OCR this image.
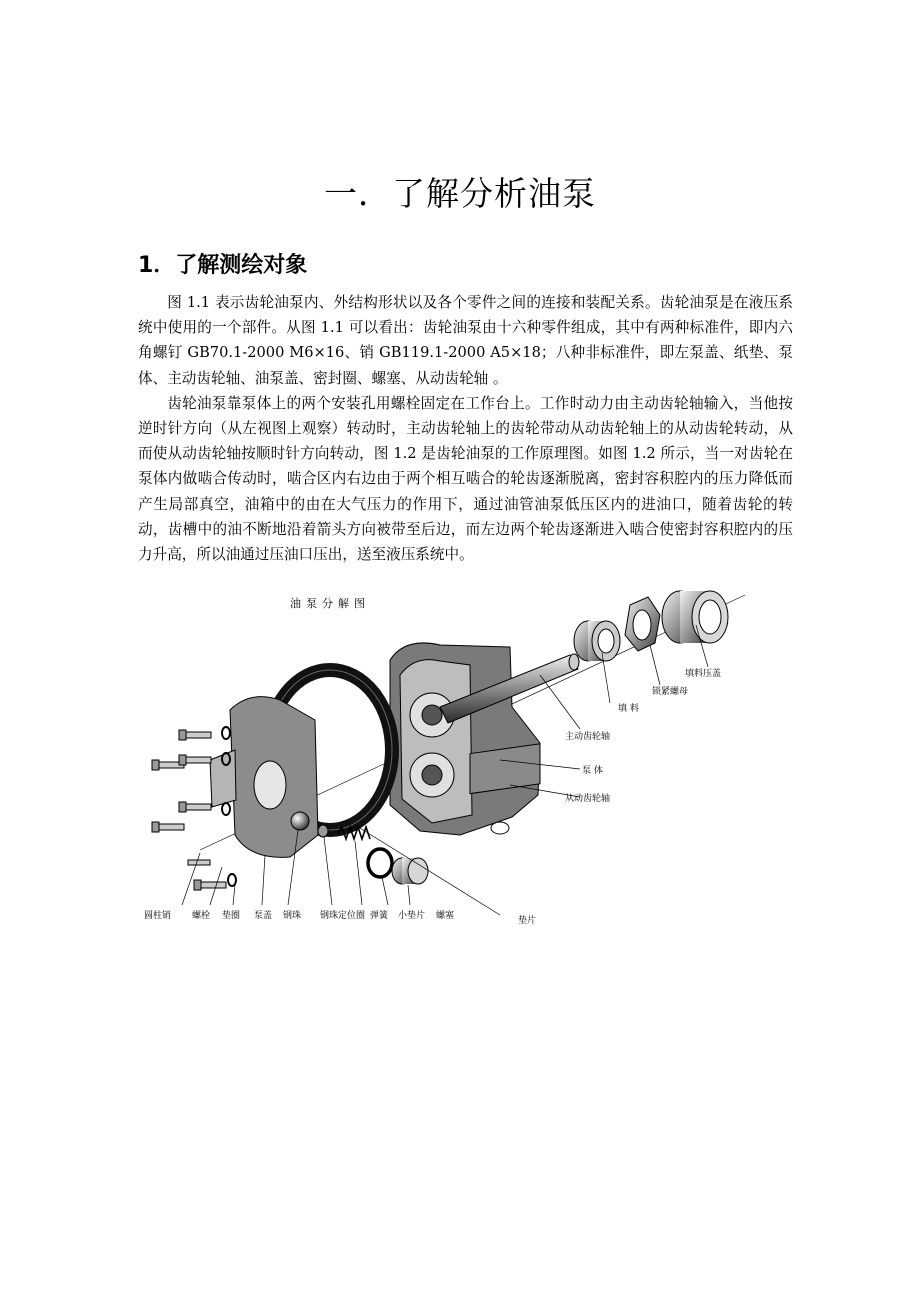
一．了解分析油泵
1．了解测绘对象

图 1.1 表示齿轮油泵内、外结构形状以及各个零件之间的连接和装配关系。齿轮油泵是在液压系统中使用的一个部件。从图 1.1 可以看出：齿轮油泵由十六种零件组成，其中有两种标准件，即内六角螺钉 GB70.1-2000 M6×16、销 GB119.1-2000 A5×18；八种非标准件，即左泵盖、纸垫、泵体、主动齿轮轴、油泵盖、密封圈、螺塞、从动齿轮轴 。

齿轮油泵靠泵体上的两个安装孔用螺栓固定在工作台上。工作时动力由主动齿轮轴输入，当他按逆时针方向（从左视图上观察）转动时，主动齿轮轴上的齿轮带动从动齿轮轴上的从动齿轮转动，从而使从动齿轮轴按顺时针方向转动，图 1.2 是齿轮油泵的工作原理图。如图 1.2 所示，当一对齿轮在泵体内做啮合传动时，啮合区内右边由于两个相互啮合的轮齿逐渐脱离，密封容积腔内的压力降低而产生局部真空，油箱中的由在大气压力的作用下，通过油管油泵低压区内的进油口，随着齿轮的转动，齿槽中的油不断地沿着箭头方向被带至后边，而左边两个轮齿逐渐进入啮合使密封容积腔内的压力升高，所以油通过压油口压出，送至液压系统中。

油泵分解图
填料压盖
锁紧螺母
填 料
主动齿轮轴
泵 体
从动齿轮轴
圆柱销 螺栓 垫圈 泵盖 钢珠 钢珠定位圈 弹簧 小垫片 螺塞	垫片
